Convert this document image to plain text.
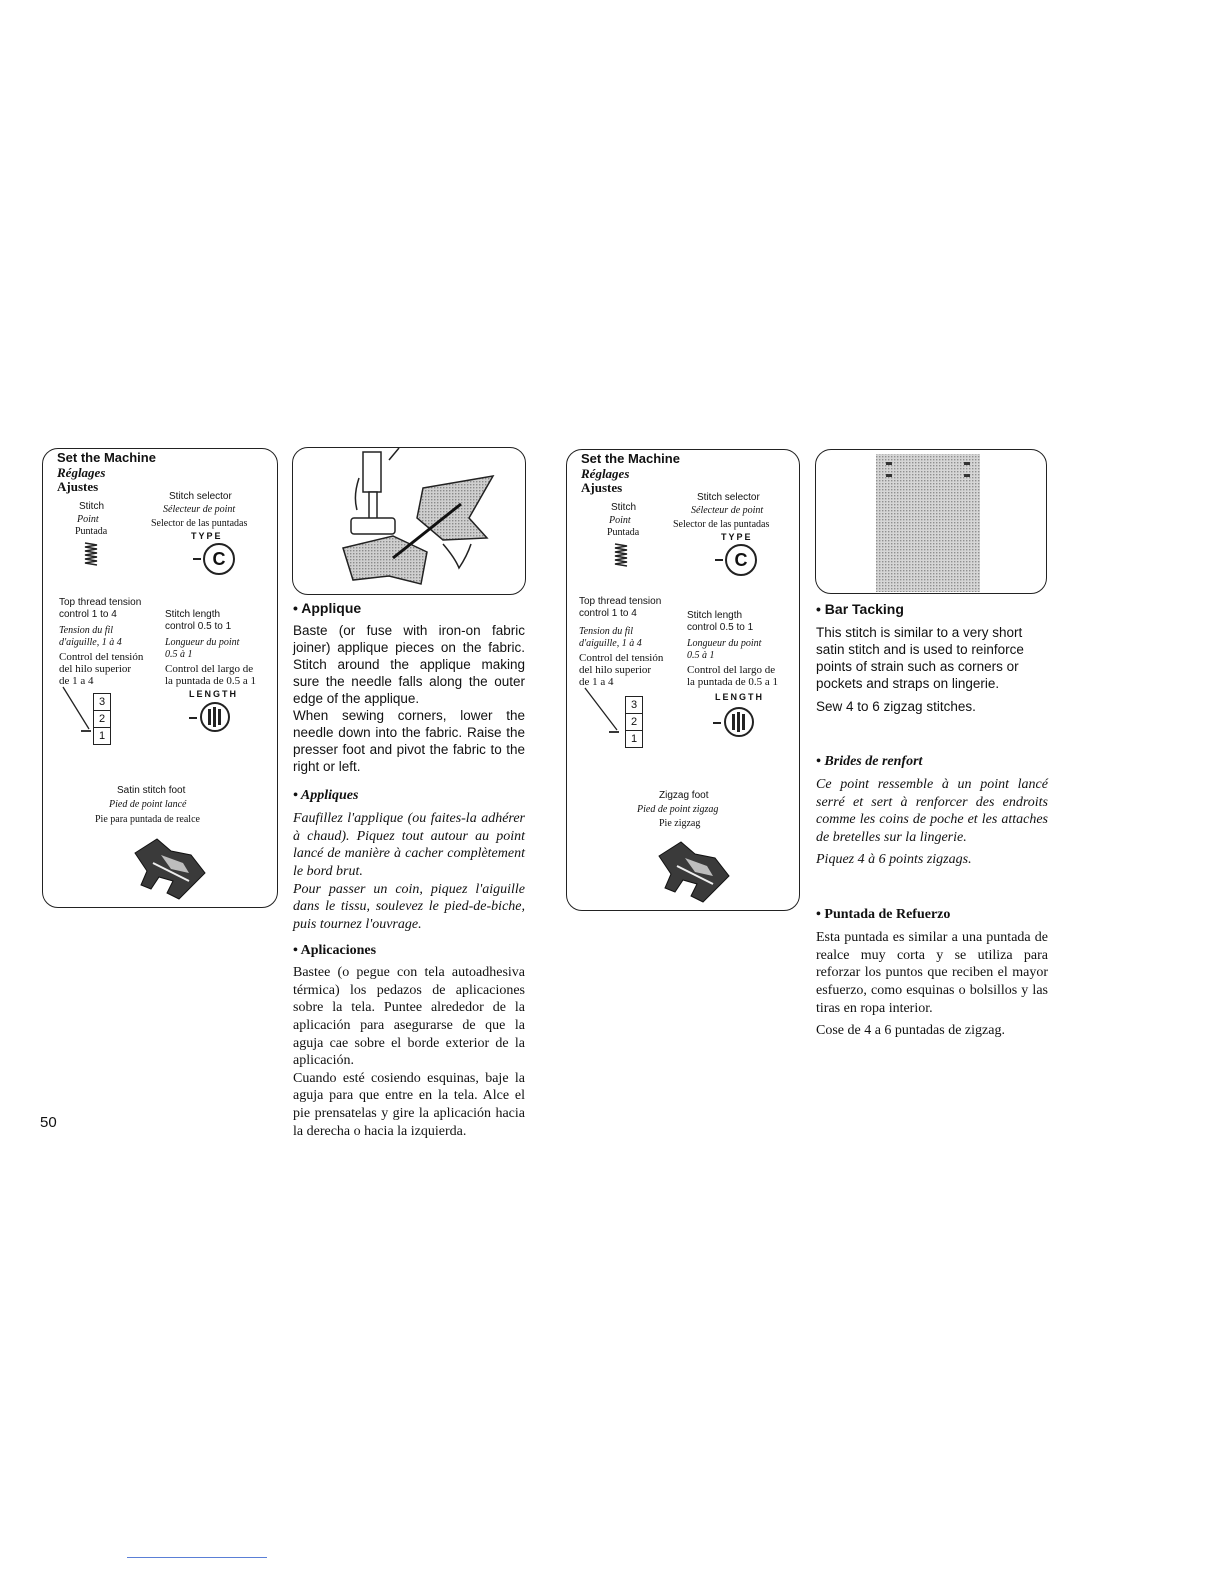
Set the Machine
Réglages
Ajustes
Stitch
Point
Puntada
Stitch selector
Sélecteur de point
Selector de las puntadas
TYPE
C
Top thread tension
control 1 to 4
Tension du fil
d'aiguille, 1 à 4
Control del tensión
del hilo superior
de 1 a 4
3
2
1
Stitch length
control 0.5 to 1
Longueur du point
0.5 à 1
Control del largo de
la puntada de 0.5 a 1
LENGTH
Satin stitch foot
Pied de point lancé
Pie para puntada de realce
• Applique
Baste (or fuse with iron-on fabric joiner) applique pieces on the fabric. Stitch around the applique making sure the needle falls along the outer edge of the applique.
When sewing corners, lower the needle down into the fabric. Raise the presser foot and pivot the fabric to the right or left.
• Appliques
Faufillez l'applique (ou faites-la adhérer à chaud). Piquez tout autour au point lancé de manière à cacher complètement le bord brut.
Pour passer un coin, piquez l'aiguille dans le tissu, soulevez le pied-de-biche, puis tournez l'ouvrage.
• Aplicaciones
Bastee (o pegue con tela autoadhesiva térmica) los pedazos de aplicaciones sobre la tela. Puntee alrededor de la aplicación para asegurarse de que la aguja cae sobre el borde exterior de la aplicación.
Cuando esté cosiendo esquinas, baje la aguja para que entre en la tela. Alce el pie prensatelas y gire la aplicación hacia la derecha o hacia la izquierda.
Set the Machine
Réglages
Ajustes
Stitch
Point
Puntada
Stitch selector
Sélecteur de point
Selector de las puntadas
TYPE
C
Top thread tension
control 1 to 4
Tension du fil
d'aiguille, 1 à 4
Control del tensión
del hilo superior
de 1 a 4
3
2
1
Stitch length
control 0.5 to 1
Longueur du point
0.5 à 1
Control del largo de
la puntada de 0.5 a 1
LENGTH
Zigzag foot
Pied de point zigzag
Pie zigzag
• Bar Tacking
This stitch is similar to a very short satin stitch and is used to reinforce points of strain such as corners or pockets and straps on lingerie.
Sew 4 to 6 zigzag stitches.
• Brides de renfort
Ce point ressemble à un point lancé serré et sert à renforcer des endroits comme les coins de poche et les attaches de bretelles sur la lingerie.
Piquez 4 à 6 points zigzags.
• Puntada de Refuerzo
Esta puntada es similar a una puntada de realce muy corta y se utiliza para reforzar los puntos que reciben el mayor esfuerzo, como esquinas o bolsillos y las tiras en ropa interior.
Cose de 4 a 6 puntadas de zigzag.
50
